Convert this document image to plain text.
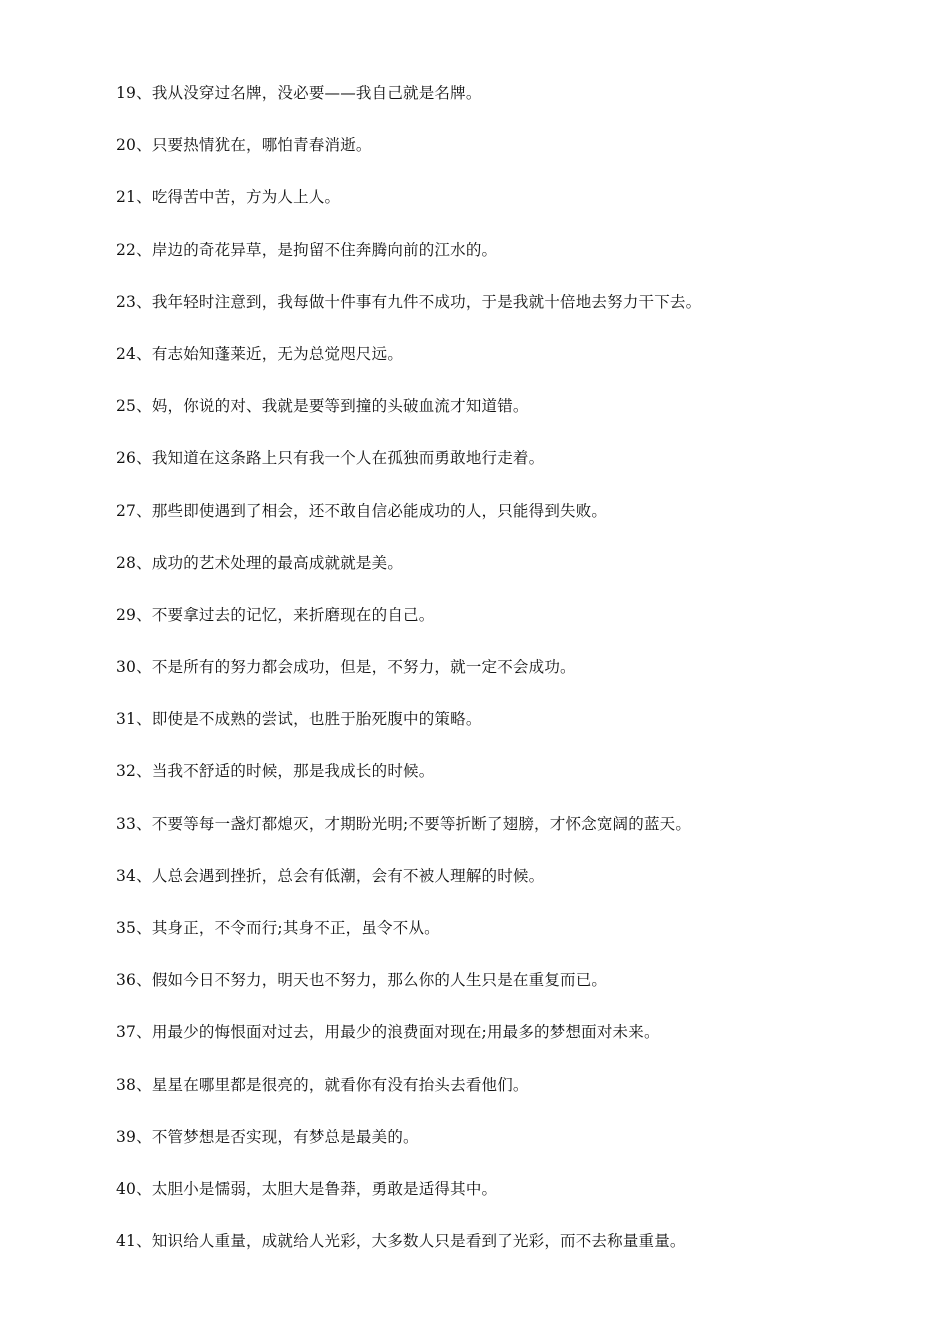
19、我从没穿过名牌，没必要——我自己就是名牌。
20、只要热情犹在，哪怕青春消逝。
21、吃得苦中苦，方为人上人。
22、岸边的奇花异草，是拘留不住奔腾向前的江水的。
23、我年轻时注意到，我每做十件事有九件不成功，于是我就十倍地去努力干下去。
24、有志始知蓬莱近，无为总觉咫尺远。
25、妈，你说的对、我就是要等到撞的头破血流才知道错。
26、我知道在这条路上只有我一个人在孤独而勇敢地行走着。
27、那些即使遇到了相会，还不敢自信必能成功的人，只能得到失败。
28、成功的艺术处理的最高成就就是美。
29、不要拿过去的记忆，来折磨现在的自己。
30、不是所有的努力都会成功，但是，不努力，就一定不会成功。
31、即使是不成熟的尝试，也胜于胎死腹中的策略。
32、当我不舒适的时候，那是我成长的时候。
33、不要等每一盏灯都熄灭，才期盼光明;不要等折断了翅膀，才怀念宽阔的蓝天。
34、人总会遇到挫折，总会有低潮，会有不被人理解的时候。
35、其身正，不令而行;其身不正，虽令不从。
36、假如今日不努力，明天也不努力，那么你的人生只是在重复而已。
37、用最少的悔恨面对过去，用最少的浪费面对现在;用最多的梦想面对未来。
38、星星在哪里都是很亮的，就看你有没有抬头去看他们。
39、不管梦想是否实现，有梦总是最美的。
40、太胆小是懦弱，太胆大是鲁莽，勇敢是适得其中。
41、知识给人重量，成就给人光彩，大多数人只是看到了光彩，而不去称量重量。
